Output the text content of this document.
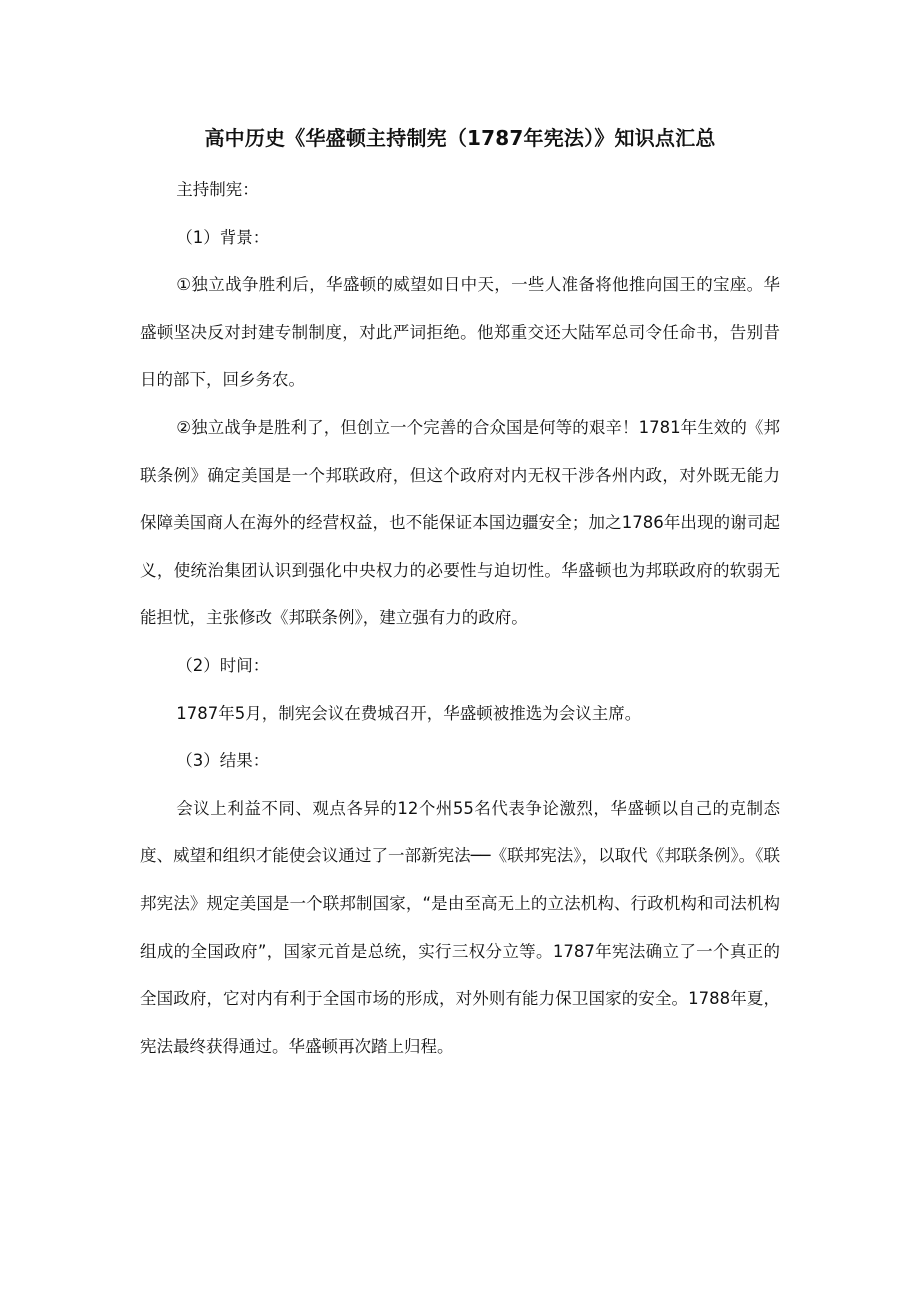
高中历史《华盛顿主持制宪（1787年宪法）》知识点汇总

主持制宪：

（1）背景：

①独立战争胜利后，华盛顿的威望如日中天，一些人准备将他推向国王的宝座。华盛顿坚决反对封建专制制度，对此严词拒绝。他郑重交还大陆军总司令任命书，告别昔日的部下，回乡务农。

②独立战争是胜利了，但创立一个完善的合众国是何等的艰辛！1781年生效的《邦联条例》确定美国是一个邦联政府，但这个政府对内无权干涉各州内政，对外既无能力保障美国商人在海外的经营权益，也不能保证本国边疆安全；加之1786年出现的谢司起义，使统治集团认识到强化中央权力的必要性与迫切性。华盛顿也为邦联政府的软弱无能担忧，主张修改《邦联条例》，建立强有力的政府。

（2）时间：

1787年5月，制宪会议在费城召开，华盛顿被推选为会议主席。

（3）结果：

会议上利益不同、观点各异的12个州55名代表争论激烈，华盛顿以自己的克制态度、威望和组织才能使会议通过了一部新宪法──《联邦宪法》，以取代《邦联条例》。《联邦宪法》规定美国是一个联邦制国家，“是由至高无上的立法机构、行政机构和司法机构组成的全国政府”，国家元首是总统，实行三权分立等。1787年宪法确立了一个真正的全国政府，它对内有利于全国市场的形成，对外则有能力保卫国家的安全。1788年夏，宪法最终获得通过。华盛顿再次踏上归程。
